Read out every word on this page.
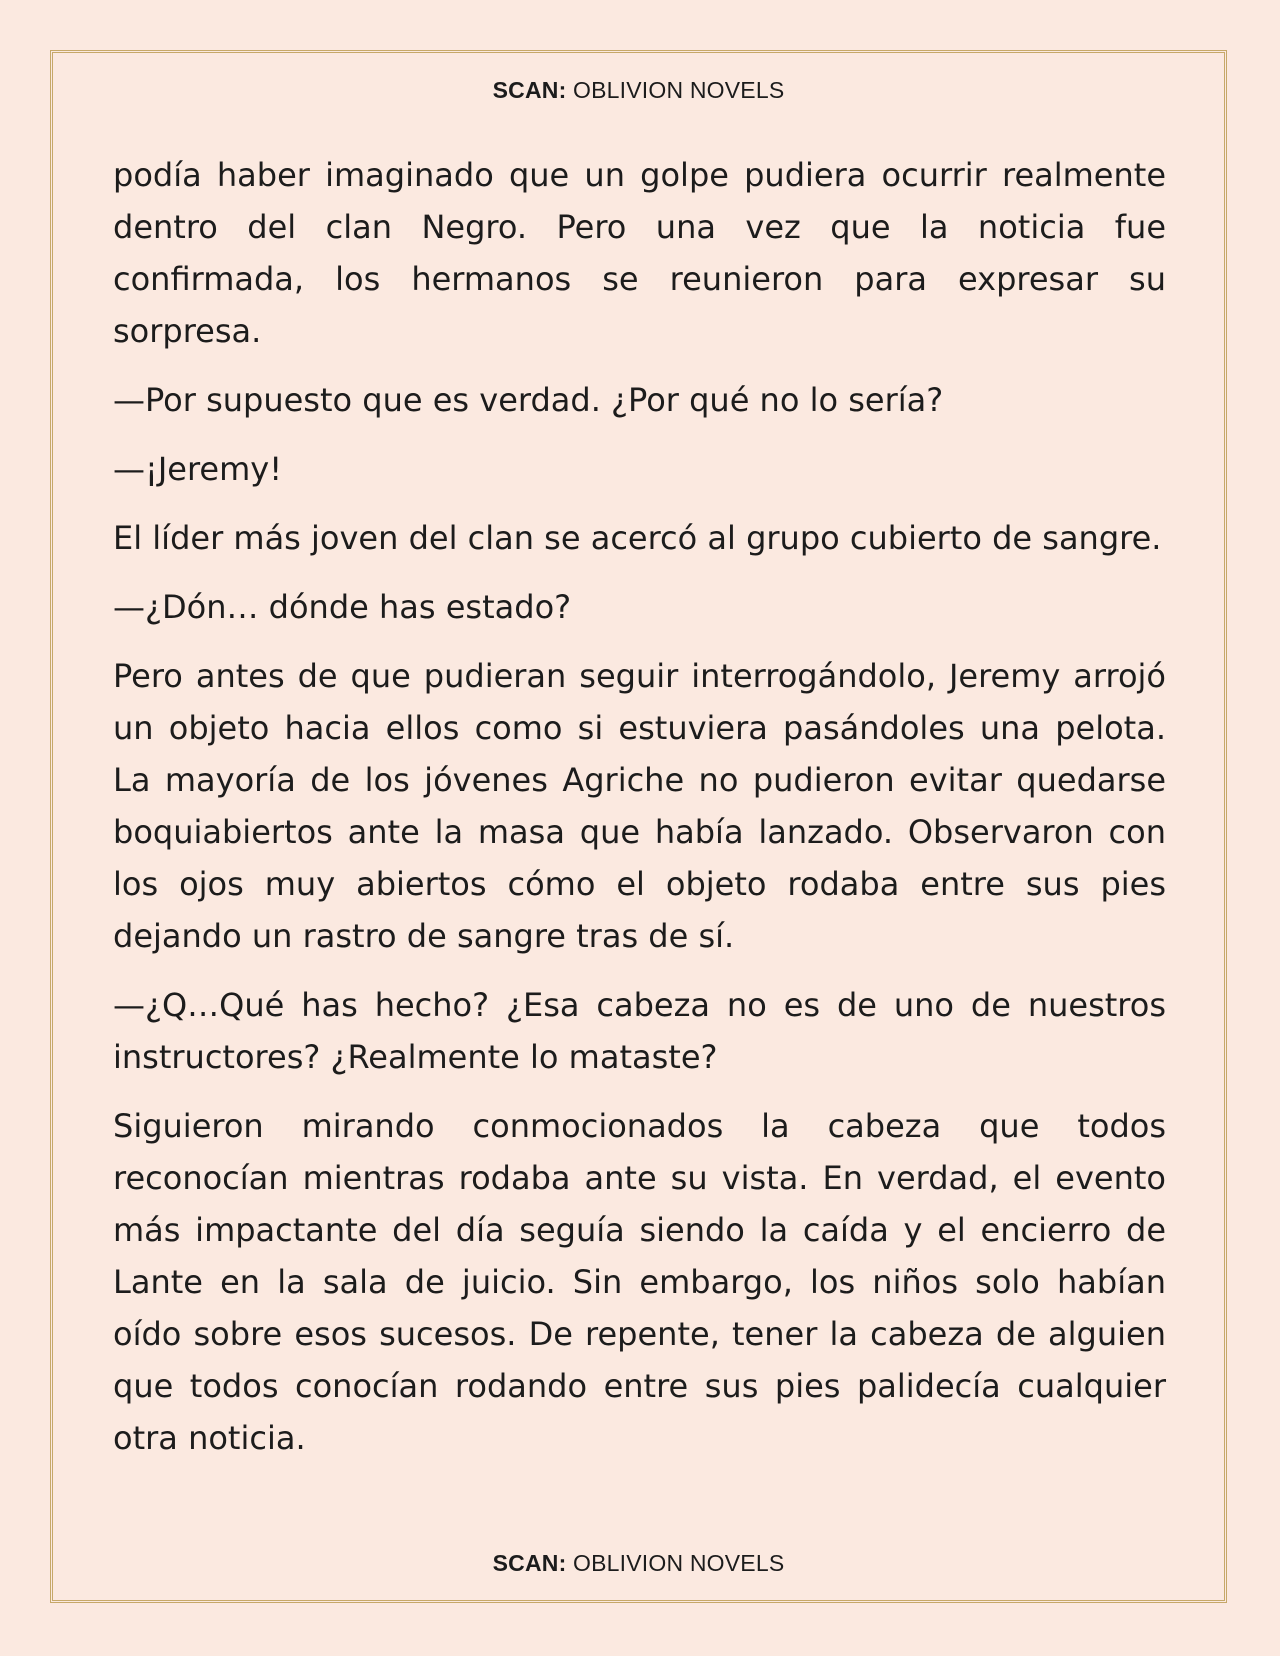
SCAN: OBLIVION NOVELS

podía haber imaginado que un golpe pudiera ocurrir realmente dentro del clan Negro. Pero una vez que la noticia fue confirmada, los hermanos se reunieron para expresar su sorpresa.

—Por supuesto que es verdad. ¿Por qué no lo sería?

—¡Jeremy!

El líder más joven del clan se acercó al grupo cubierto de sangre.

—¿Dón… dónde has estado?

Pero antes de que pudieran seguir interrogándolo, Jeremy arrojó un objeto hacia ellos como si estuviera pasándoles una pelota. La mayoría de los jóvenes Agriche no pudieron evitar quedarse boquiabiertos ante la masa que había lanzado. Observaron con los ojos muy abiertos cómo el objeto rodaba entre sus pies dejando un rastro de sangre tras de sí.

—¿Q…Qué has hecho? ¿Esa cabeza no es de uno de nuestros instructores? ¿Realmente lo mataste?

Siguieron mirando conmocionados la cabeza que todos reconocían mientras rodaba ante su vista. En verdad, el evento más impactante del día seguía siendo la caída y el encierro de Lante en la sala de juicio. Sin embargo, los niños solo habían oído sobre esos sucesos. De repente, tener la cabeza de alguien que todos conocían rodando entre sus pies palidecía cualquier otra noticia.

SCAN: OBLIVION NOVELS
